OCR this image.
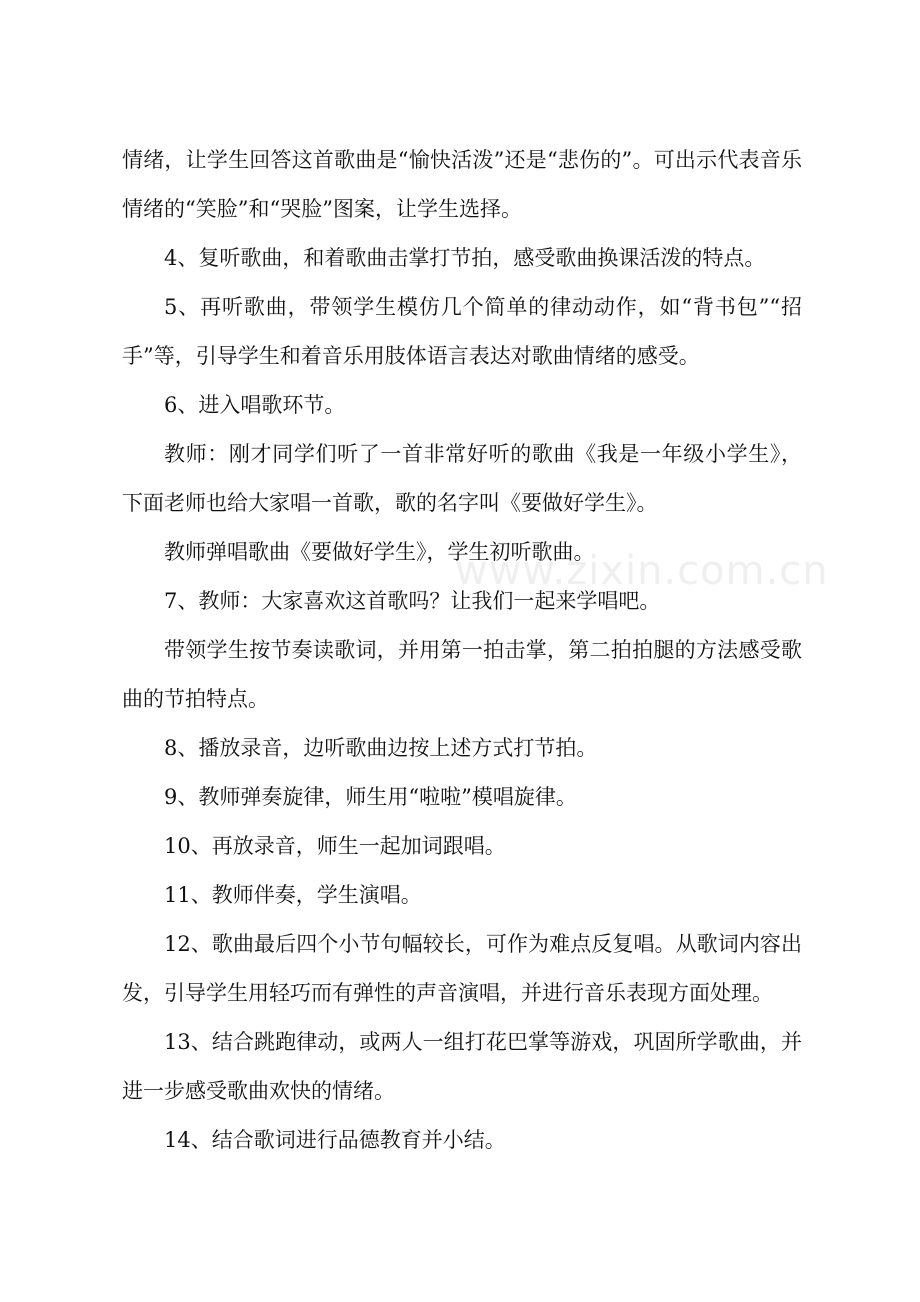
www.zixin.com.cn

情绪，让学生回答这首歌曲是“愉快活泼”还是“悲伤的”。可出示代表音乐情绪的“笑脸”和“哭脸”图案，让学生选择。

4、复听歌曲，和着歌曲击掌打节拍，感受歌曲换课活泼的特点。

5、再听歌曲，带领学生模仿几个简单的律动动作，如“背书包”“招手”等，引导学生和着音乐用肢体语言表达对歌曲情绪的感受。

6、进入唱歌环节。

教师：刚才同学们听了一首非常好听的歌曲《我是一年级小学生》，下面老师也给大家唱一首歌，歌的名字叫《要做好学生》。

教师弹唱歌曲《要做好学生》，学生初听歌曲。

7、教师：大家喜欢这首歌吗？让我们一起来学唱吧。

带领学生按节奏读歌词，并用第一拍击掌，第二拍拍腿的方法感受歌曲的节拍特点。

8、播放录音，边听歌曲边按上述方式打节拍。

9、教师弹奏旋律，师生用“啦啦”模唱旋律。

10、再放录音，师生一起加词跟唱。

11、教师伴奏，学生演唱。

12、歌曲最后四个小节句幅较长，可作为难点反复唱。从歌词内容出发，引导学生用轻巧而有弹性的声音演唱，并进行音乐表现方面处理。

13、结合跳跑律动，或两人一组打花巴掌等游戏，巩固所学歌曲，并进一步感受歌曲欢快的情绪。

14、结合歌词进行品德教育并小结。
